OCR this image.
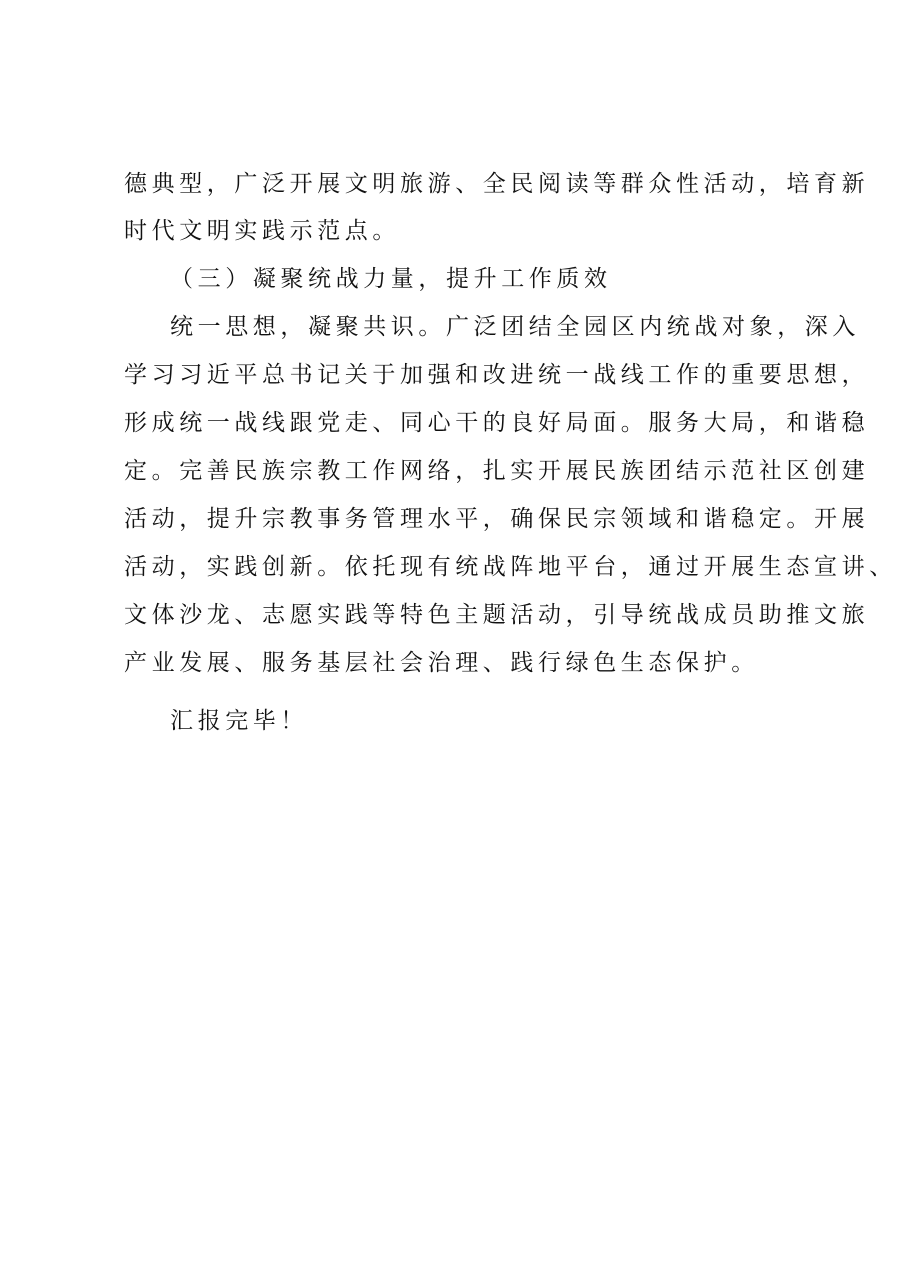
德典型，广泛开展文明旅游、全民阅读等群众性活动，培育新
时代文明实践示范点。
（三）凝聚统战力量，提升工作质效
统一思想，凝聚共识。广泛团结全园区内统战对象，深入
学习习近平总书记关于加强和改进统一战线工作的重要思想，
形成统一战线跟党走、同心干的良好局面。服务大局，和谐稳
定。完善民族宗教工作网络，扎实开展民族团结示范社区创建
活动，提升宗教事务管理水平，确保民宗领域和谐稳定。开展
活动，实践创新。依托现有统战阵地平台，通过开展生态宣讲、
文体沙龙、志愿实践等特色主题活动，引导统战成员助推文旅
产业发展、服务基层社会治理、践行绿色生态保护。
汇报完毕！
